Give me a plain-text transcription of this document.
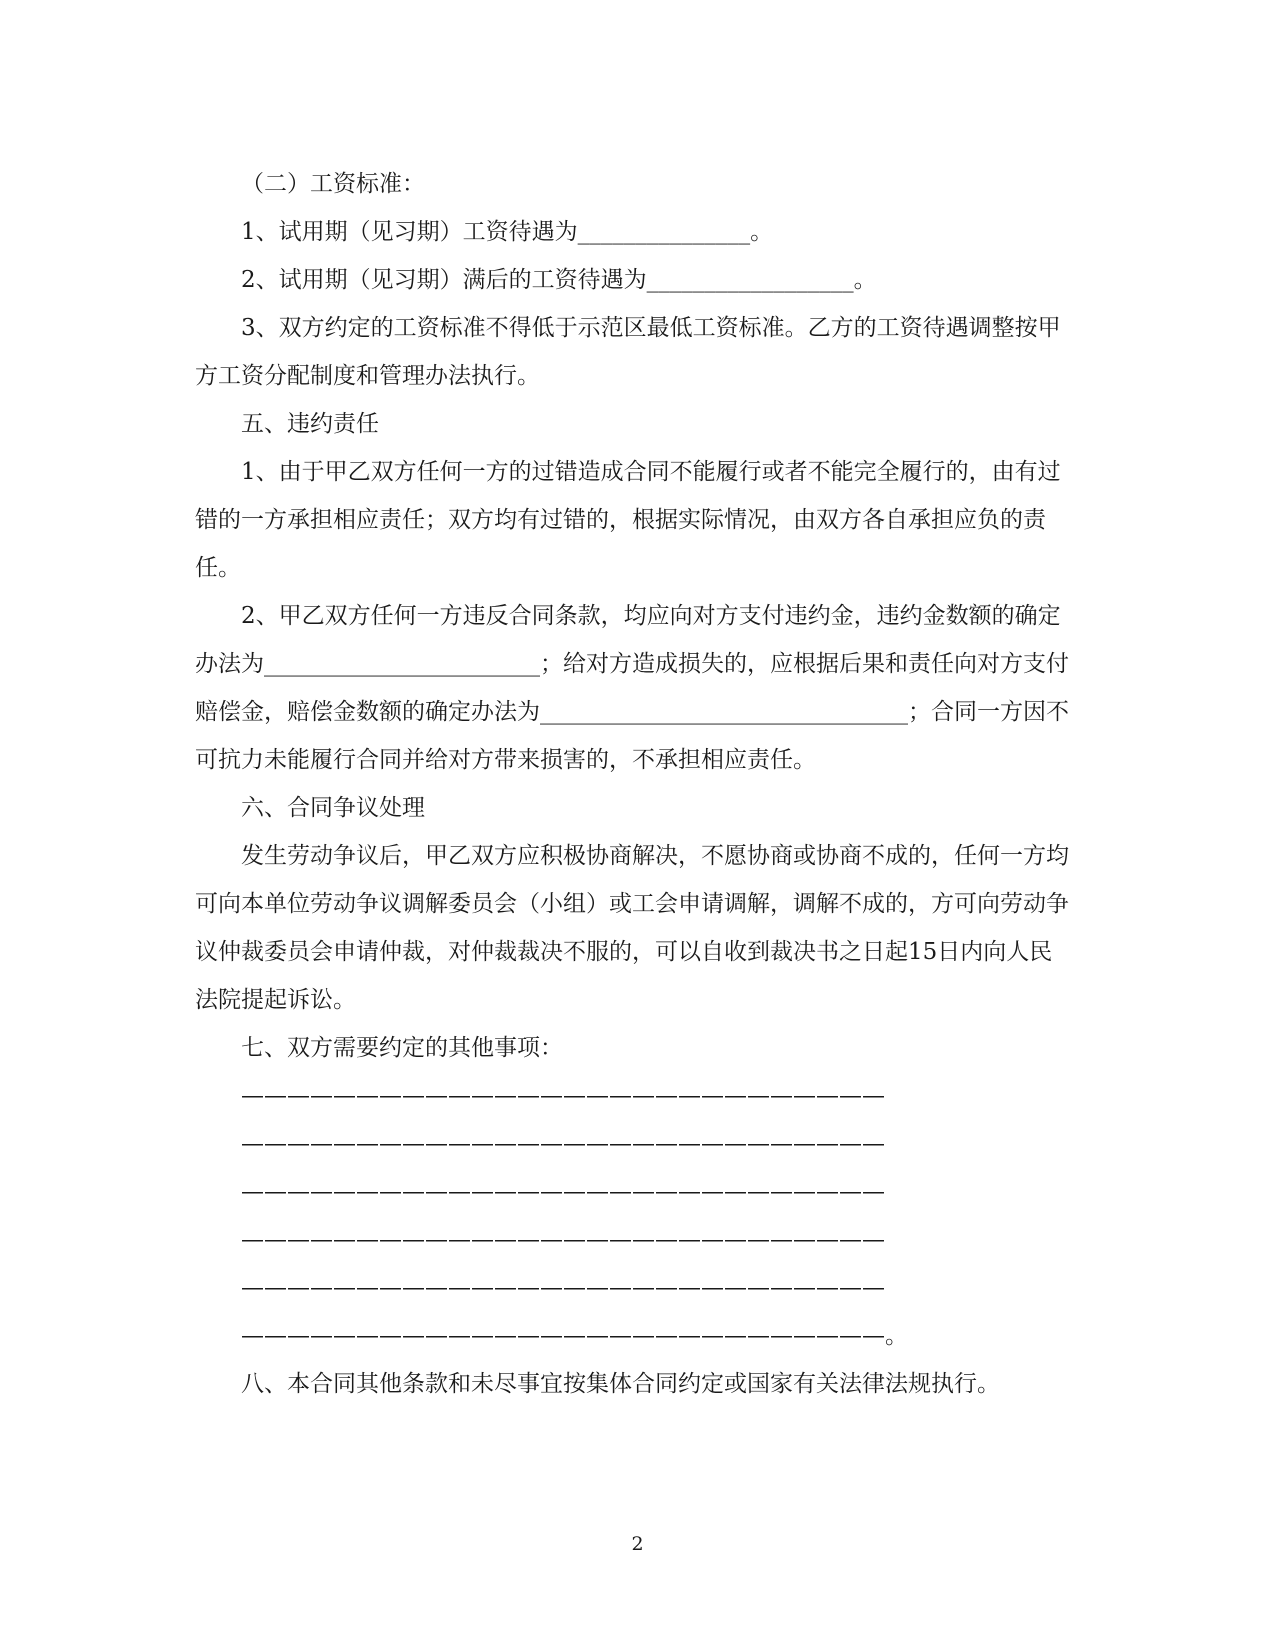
（二）工资标准：

1、试用期（见习期）工资待遇为_______________。

2、试用期（见习期）满后的工资待遇为__________________。

3、双方约定的工资标准不得低于示范区最低工资标准。乙方的工资待遇调整按甲方工资分配制度和管理办法执行。

五、违约责任

1、由于甲乙双方任何一方的过错造成合同不能履行或者不能完全履行的，由有过错的一方承担相应责任；双方均有过错的，根据实际情况，由双方各自承担应负的责任。

2、甲乙双方任何一方违反合同条款，均应向对方支付违约金，违约金数额的确定办法为________________________；给对方造成损失的，应根据后果和责任向对方支付赔偿金，赔偿金数额的确定办法为________________________________；合同一方因不可抗力未能履行合同并给对方带来损害的，不承担相应责任。

六、合同争议处理

发生劳动争议后，甲乙双方应积极协商解决，不愿协商或协商不成的，任何一方均可向本单位劳动争议调解委员会（小组）或工会申请调解，调解不成的，方可向劳动争议仲裁委员会申请仲裁，对仲裁裁决不服的，可以自收到裁决书之日起15日内向人民法院提起诉讼。

七、双方需要约定的其他事项：

————————————————————————————

————————————————————————————

————————————————————————————

————————————————————————————

————————————————————————————

————————————————————————————。

八、本合同其他条款和未尽事宜按集体合同约定或国家有关法律法规执行。

2
